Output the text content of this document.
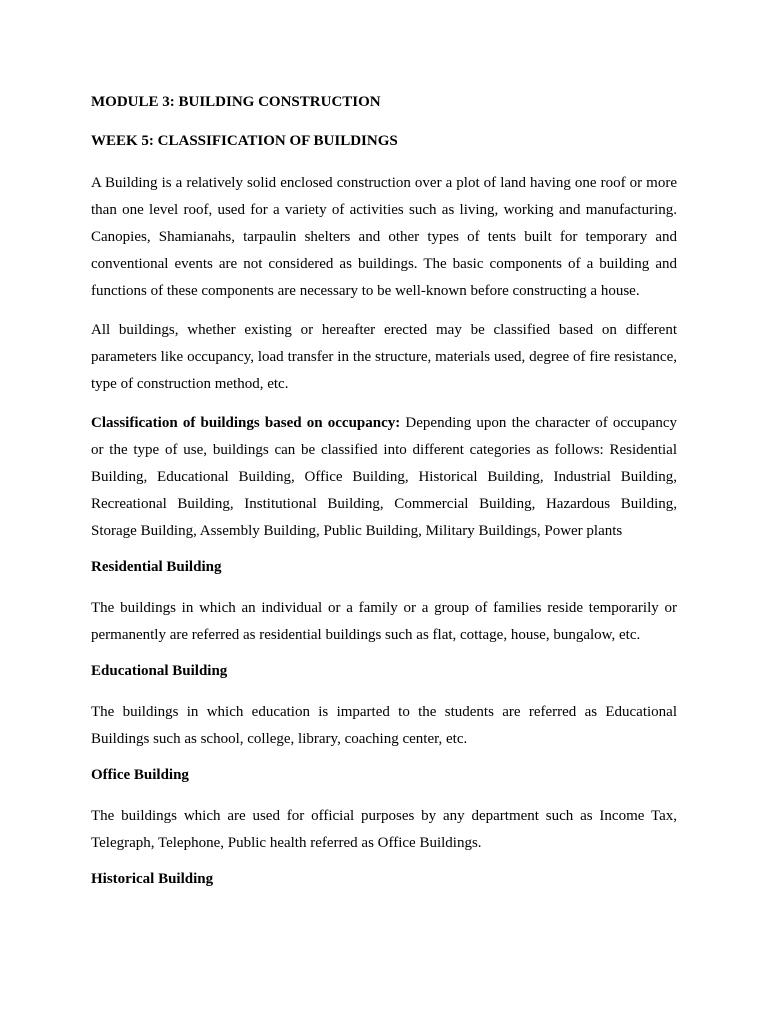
MODULE 3: BUILDING CONSTRUCTION
WEEK 5: CLASSIFICATION OF BUILDINGS

A Building is a relatively solid enclosed construction over a plot of land having one roof or more than one level roof, used for a variety of activities such as living, working and manufacturing. Canopies, Shamianahs, tarpaulin shelters and other types of tents built for temporary and conventional events are not considered as buildings. The basic components of a building and functions of these components are necessary to be well-known before constructing a house.

All buildings, whether existing or hereafter erected may be classified based on different parameters like occupancy, load transfer in the structure, materials used, degree of fire resistance, type of construction method, etc.

Classification of buildings based on occupancy: Depending upon the character of occupancy or the type of use, buildings can be classified into different categories as follows: Residential Building, Educational Building, Office Building, Historical Building, Industrial Building, Recreational Building, Institutional Building, Commercial Building, Hazardous Building, Storage Building, Assembly Building, Public Building, Military Buildings, Power plants

Residential Building

The buildings in which an individual or a family or a group of families reside temporarily or permanently are referred as residential buildings such as flat, cottage, house, bungalow, etc.

Educational Building

The buildings in which education is imparted to the students are referred as Educational Buildings such as school, college, library, coaching center, etc.

Office Building

The buildings which are used for official purposes by any department such as Income Tax, Telegraph, Telephone, Public health referred as Office Buildings.

Historical Building
